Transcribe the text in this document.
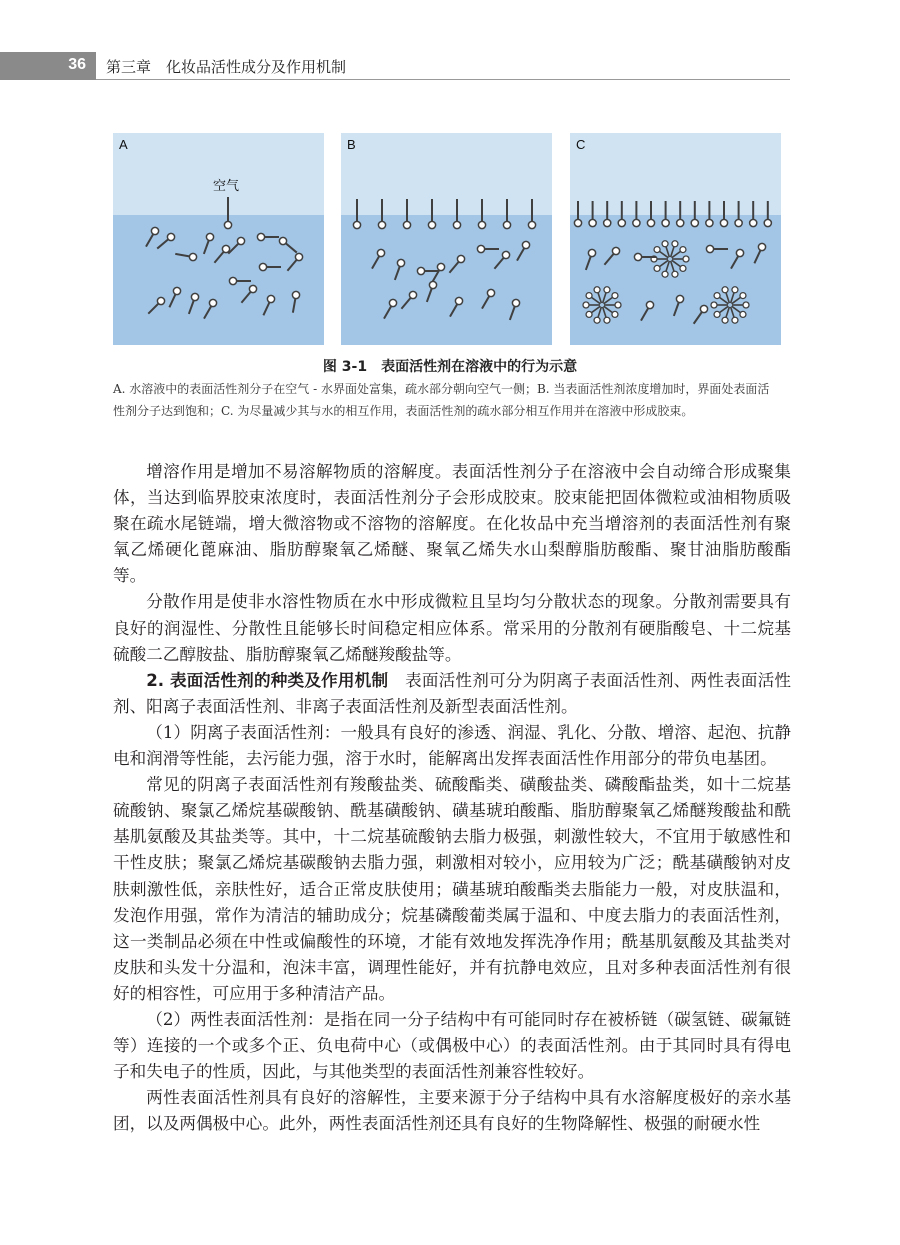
36 第三章　化妆品活性成分及作用机制
A
空气
B	C
图 3-1　表面活性剂在溶液中的行为示意
A. 水溶液中的表面活性剂分子在空气 - 水界面处富集，疏水部分朝向空气一侧；B. 当表面活性剂浓度增加时，界面处表面活性剂分子达到饱和；C. 为尽量减少其与水的相互作用，表面活性剂的疏水部分相互作用并在溶液中形成胶束。

增溶作用是增加不易溶解物质的溶解度。表面活性剂分子在溶液中会自动缔合形成聚集体，当达到临界胶束浓度时，表面活性剂分子会形成胶束。胶束能把固体微粒或油相物质吸聚在疏水尾链端，增大微溶物或不溶物的溶解度。在化妆品中充当增溶剂的表面活性剂有聚氧乙烯硬化蓖麻油、脂肪醇聚氧乙烯醚、聚氧乙烯失水山梨醇脂肪酸酯、聚甘油脂肪酸酯等。

分散作用是使非水溶性物质在水中形成微粒且呈均匀分散状态的现象。分散剂需要具有良好的润湿性、分散性且能够长时间稳定相应体系。常采用的分散剂有硬脂酸皂、十二烷基硫酸二乙醇胺盐、脂肪醇聚氧乙烯醚羧酸盐等。

2. 表面活性剂的种类及作用机制　 表面活性剂可分为阴离子表面活性剂、两性表面活性剂、阳离子表面活性剂、非离子表面活性剂及新型表面活性剂。

（1）阴离子表面活性剂：一般具有良好的渗透、润湿、乳化、分散、增溶、起泡、抗静电和润滑等性能，去污能力强，溶于水时，能解离出发挥表面活性作用部分的带负电基团。

常见的阴离子表面活性剂有羧酸盐类、硫酸酯类、磺酸盐类、磷酸酯盐类，如十二烷基硫酸钠、聚氯乙烯烷基碳酸钠、酰基磺酸钠、磺基琥珀酸酯、脂肪醇聚氧乙烯醚羧酸盐和酰基肌氨酸及其盐类等。其中，十二烷基硫酸钠去脂力极强，刺激性较大，不宜用于敏感性和干性皮肤；聚氯乙烯烷基碳酸钠去脂力强，刺激相对较小，应用较为广泛；酰基磺酸钠对皮肤刺激性低，亲肤性好，适合正常皮肤使用；磺基琥珀酸酯类去脂能力一般，对皮肤温和，发泡作用强，常作为清洁的辅助成分；烷基磷酸葡类属于温和、中度去脂力的表面活性剂，这一类制品必须在中性或偏酸性的环境，才能有效地发挥洗净作用；酰基肌氨酸及其盐类对皮肤和头发十分温和，泡沫丰富，调理性能好，并有抗静电效应，且对多种表面活性剂有很好的相容性，可应用于多种清洁产品。

（2）两性表面活性剂：是指在同一分子结构中有可能同时存在被桥链（碳氢链、碳氟链等）连接的一个或多个正、负电荷中心（或偶极中心）的表面活性剂。由于其同时具有得电子和失电子的性质，因此，与其他类型的表面活性剂兼容性较好。

两性表面活性剂具有良好的溶解性，主要来源于分子结构中具有水溶解度极好的亲水基团，以及两偶极中心。此外，两性表面活性剂还具有良好的生物降解性、极强的耐硬水性
